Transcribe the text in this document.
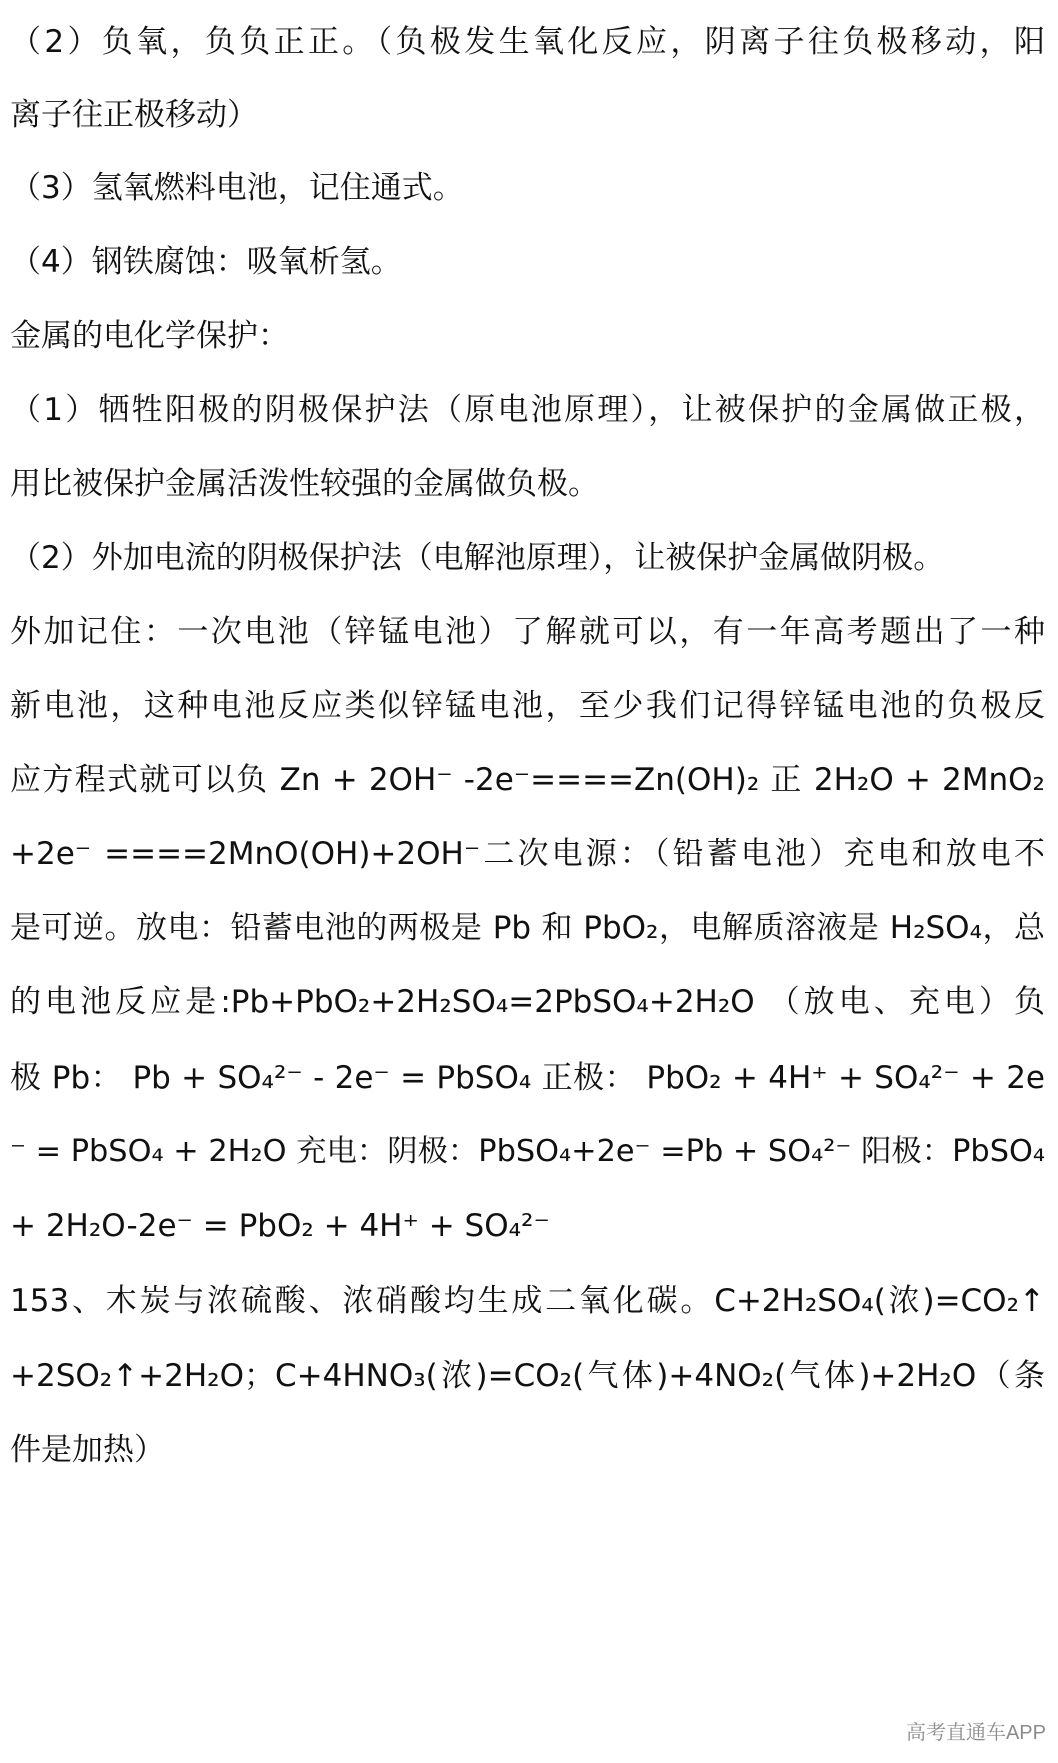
（2）负氧，负负正正。（负极发生氧化反应，阴离子往负极移动，阳
离子往正极移动）
（3）氢氧燃料电池，记住通式。
（4）钢铁腐蚀：吸氧析氢。
金属的电化学保护：
（1）牺牲阳极的阴极保护法（原电池原理），让被保护的金属做正极，
用比被保护金属活泼性较强的金属做负极。
（2）外加电流的阴极保护法（电解池原理），让被保护金属做阴极。
外加记住：一次电池（锌锰电池）了解就可以，有一年高考题出了一种
新电池，这种电池反应类似锌锰电池，至少我们记得锌锰电池的负极反
应方程式就可以负 Zn + 2OH⁻ -2e⁻====Zn(OH)₂ 正 2H₂O + 2MnO₂
+2e⁻ ====2MnO(OH)+2OH⁻二次电源：（铅蓄电池）充电和放电不
是可逆。放电：铅蓄电池的两极是 Pb 和 PbO₂，电解质溶液是 H₂SO₄，总
的电池反应是:Pb+PbO₂+2H₂SO₄=2PbSO₄+2H₂O （放电、充电）负
极 Pb： Pb + SO₄²⁻ - 2e⁻ = PbSO₄ 正极： PbO₂ + 4H⁺ + SO₄²⁻ + 2e
⁻ = PbSO₄ + 2H₂O 充电：阴极：PbSO₄+2e⁻ =Pb + SO₄²⁻ 阳极：PbSO₄
+ 2H₂O-2e⁻ = PbO₂ + 4H⁺ + SO₄²⁻
153、木炭与浓硫酸、浓硝酸均生成二氧化碳。C+2H₂SO₄(浓)=CO₂↑
+2SO₂↑+2H₂O；C+4HNO₃(浓)=CO₂(气体)+4NO₂(气体)+2H₂O（条
件是加热）
高考直通车APP
